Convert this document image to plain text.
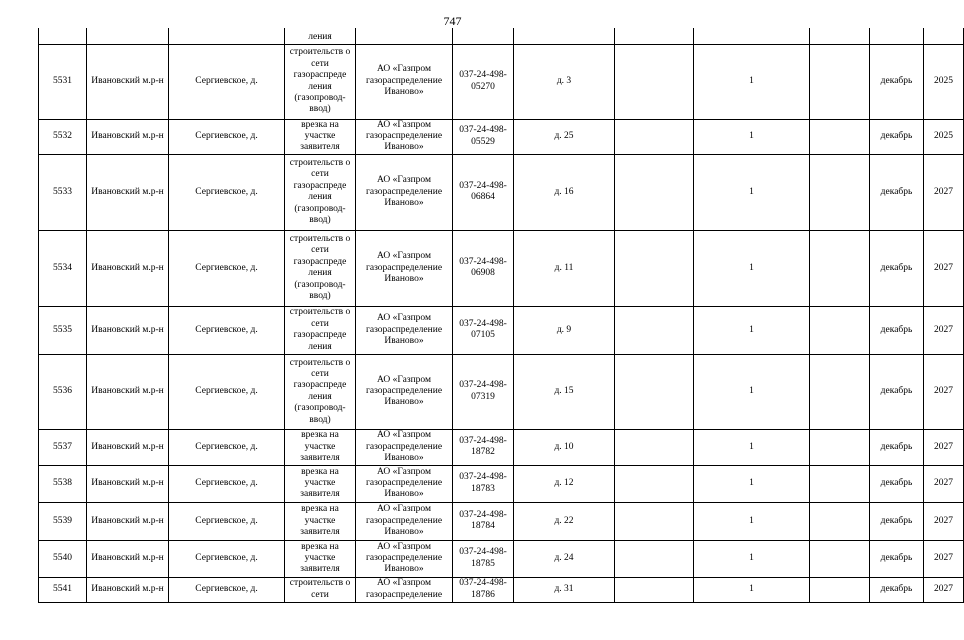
747
			ления								
5531	Ивановский м.р-н	Сергиевское, д.	строительств о сети газораспреде ления (газопровод-ввод)	АО «Газпром газораспределение Иваново»	037-24-498-05270	д. 3		1		декабрь	2025
5532	Ивановский м.р-н	Сергиевское, д.	врезка на участке заявителя	АО «Газпром газораспределение Иваново»	037-24-498-05529	д. 25		1		декабрь	2025
5533	Ивановский м.р-н	Сергиевское, д.	строительств о сети газораспреде ления (газопровод-ввод)	АО «Газпром газораспределение Иваново»	037-24-498-06864	д. 16		1		декабрь	2027
5534	Ивановский м.р-н	Сергиевское, д.	строительств о сети газораспреде ления (газопровод-ввод)	АО «Газпром газораспределение Иваново»	037-24-498-06908	д. 11		1		декабрь	2027
5535	Ивановский м.р-н	Сергиевское, д.	строительств о сети газораспреде ления	АО «Газпром газораспределение Иваново»	037-24-498-07105	д. 9		1		декабрь	2027
5536	Ивановский м.р-н	Сергиевское, д.	строительств о сети газораспреде ления (газопровод-ввод)	АО «Газпром газораспределение Иваново»	037-24-498-07319	д. 15		1		декабрь	2027
5537	Ивановский м.р-н	Сергиевское, д.	врезка на участке заявителя	АО «Газпром газораспределение Иваново»	037-24-498-18782	д. 10		1		декабрь	2027
5538	Ивановский м.р-н	Сергиевское, д.	врезка на участке заявителя	АО «Газпром газораспределение Иваново»	037-24-498-18783	д. 12		1		декабрь	2027
5539	Ивановский м.р-н	Сергиевское, д.	врезка на участке заявителя	АО «Газпром газораспределение Иваново»	037-24-498-18784	д. 22		1		декабрь	2027
5540	Ивановский м.р-н	Сергиевское, д.	врезка на участке заявителя	АО «Газпром газораспределение Иваново»	037-24-498-18785	д. 24		1		декабрь	2027
5541	Ивановский м.р-н	Сергиевское, д.	строительств о сети	АО «Газпром газораспределение	037-24-498-18786	д. 31		1		декабрь	2027
